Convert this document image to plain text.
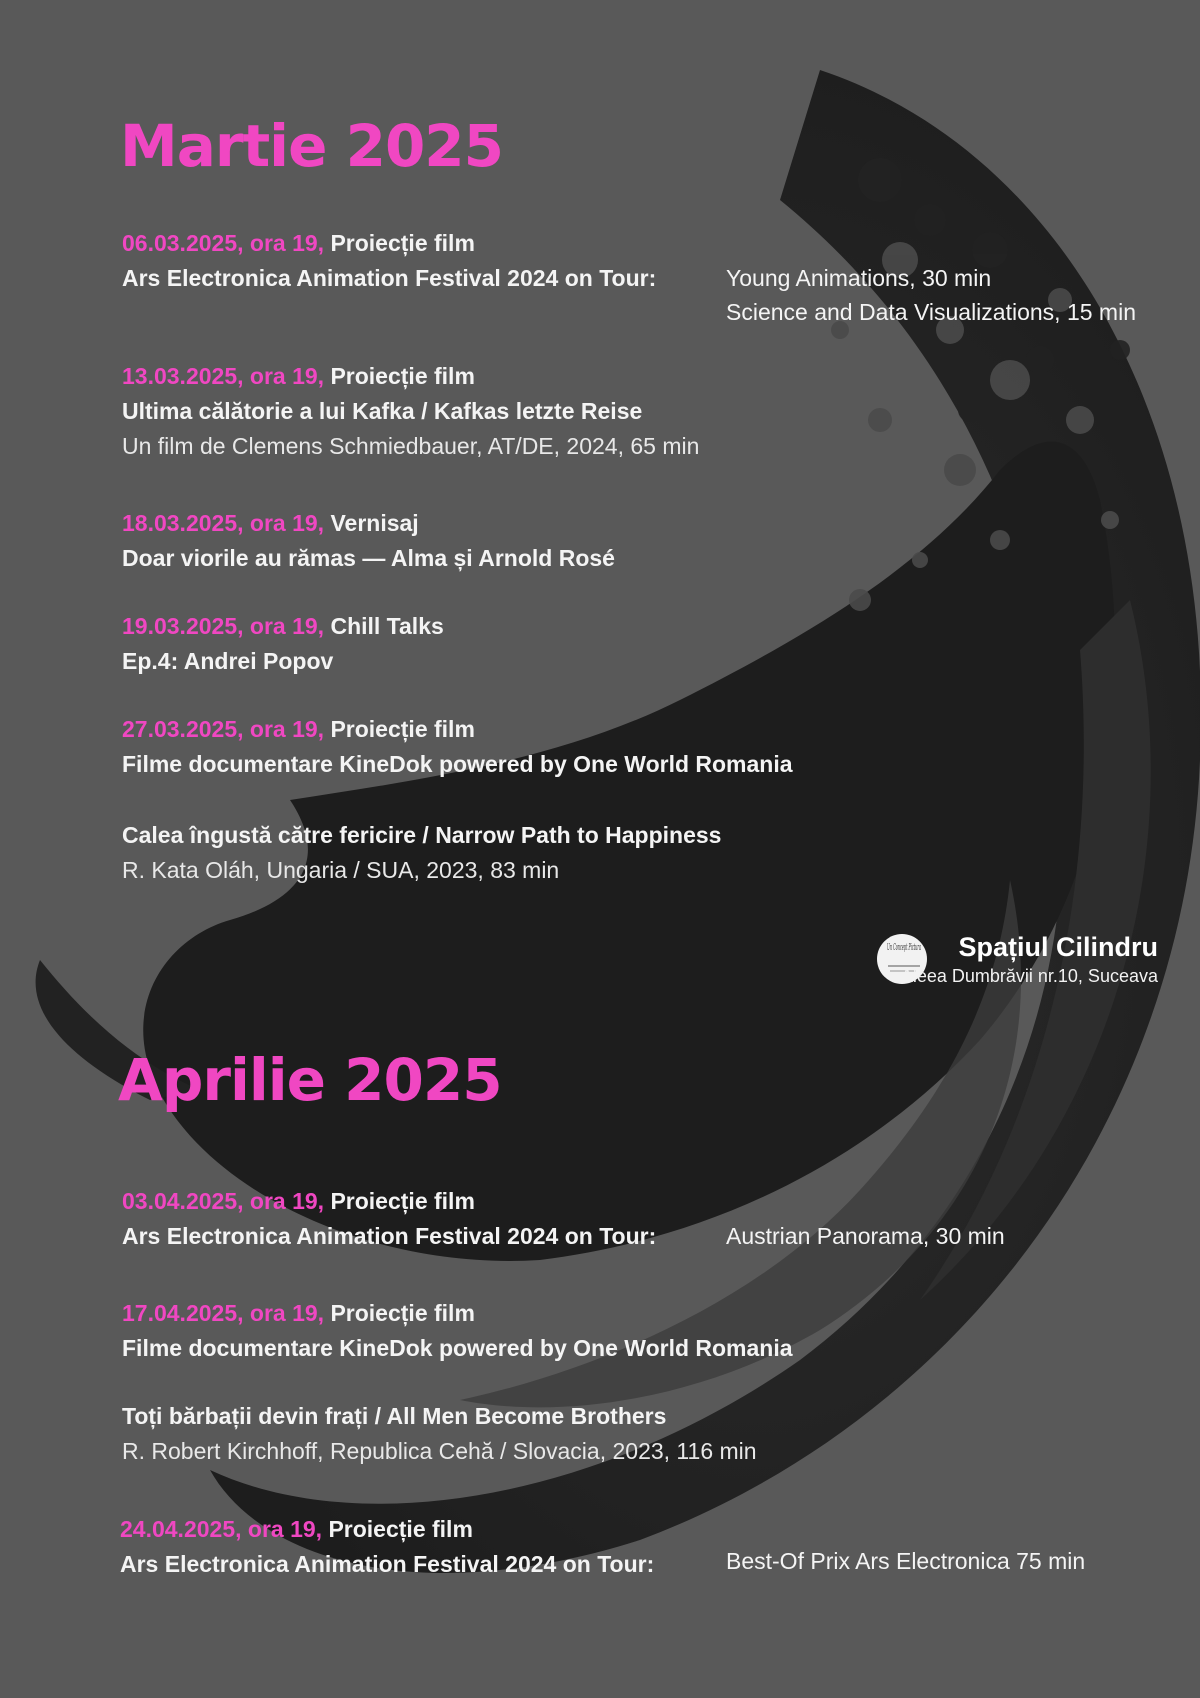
Martie 2025
06.03.2025, ora 19, Proiecție film
Ars Electronica Animation Festival 2024 on Tour:	Young Animations, 30 min
Science and Data Visualizations, 15 min
13.03.2025, ora 19, Proiecție film
Ultima călătorie a lui Kafka / Kafkas letzte Reise
Un film de Clemens Schmiedbauer, AT/DE, 2024, 65 min
18.03.2025, ora 19, Vernisaj
Doar viorile au rămas — Alma și Arnold Rosé
19.03.2025, ora 19, Chill Talks
Ep.4: Andrei Popov
27.03.2025, ora 19, Proiecție film
Filme documentare KineDok powered by One World Romania
Calea îngustă către fericire / Narrow Path to Happiness
R. Kata Oláh, Ungaria / SUA, 2023, 83 min
Un Concept Pictura	Spațiul Cilindru
Aleea Dumbrăvii nr.10, Suceava
Aprilie 2025
03.04.2025, ora 19, Proiecție film
Ars Electronica Animation Festival 2024 on Tour:	Austrian Panorama, 30 min
17.04.2025, ora 19, Proiecție film
Filme documentare KineDok powered by One World Romania
Toți bărbații devin frați / All Men Become Brothers
R. Robert Kirchhoff, Republica Cehă / Slovacia, 2023, 116 min
24.04.2025, ora 19, Proiecție film
Ars Electronica Animation Festival 2024 on Tour:	Best-Of Prix Ars Electronica 75 min
